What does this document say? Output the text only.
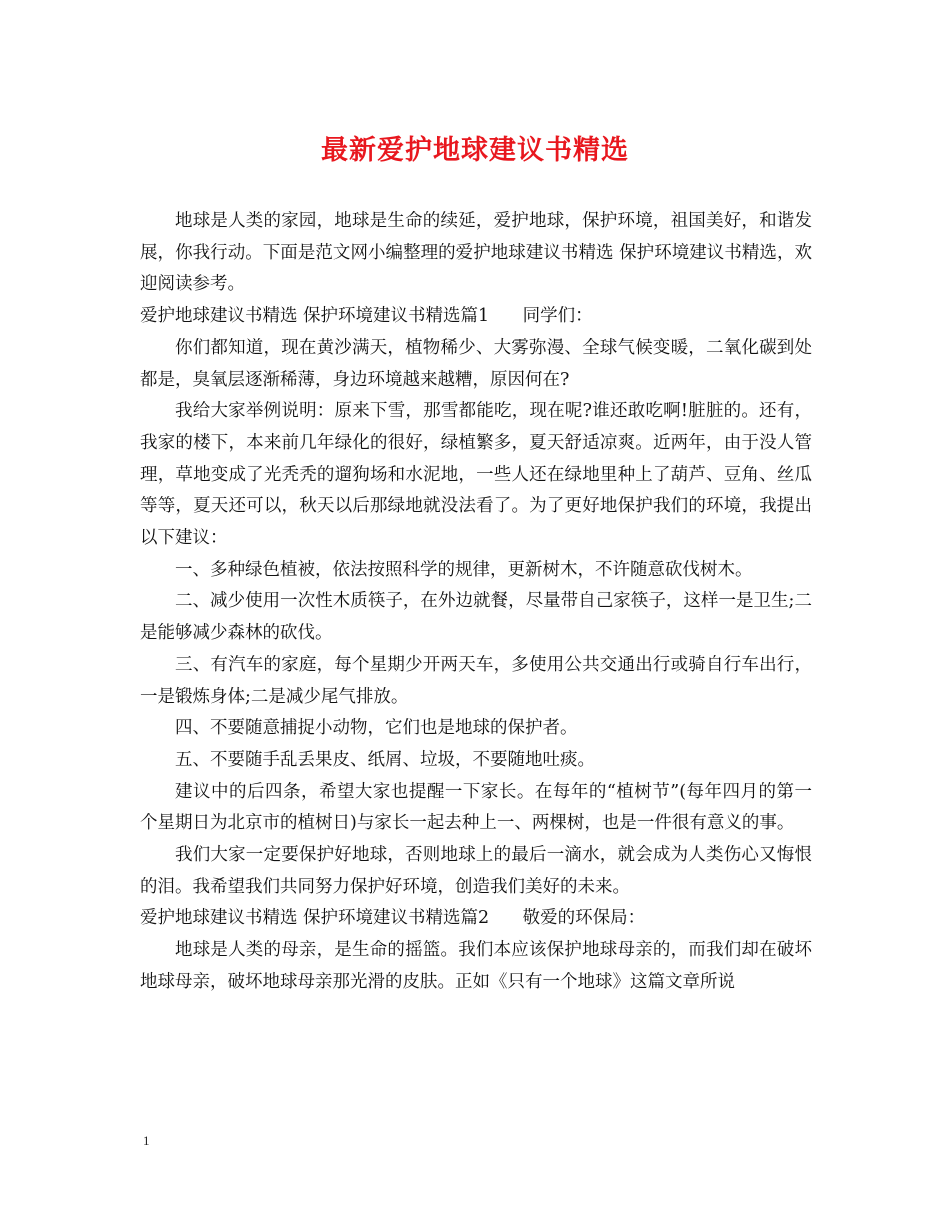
最新爱护地球建议书精选

地球是人类的家园，地球是生命的续延，爱护地球，保护环境，祖国美好，和谐发展，你我行动。下面是范文网小编整理的爱护地球建议书精选 保护环境建议书精选，欢迎阅读参考。

爱护地球建议书精选 保护环境建议书精选篇1      同学们：

你们都知道，现在黄沙满天，植物稀少、大雾弥漫、全球气候变暖，二氧化碳到处都是，臭氧层逐渐稀薄，身边环境越来越糟，原因何在?

我给大家举例说明：原来下雪，那雪都能吃，现在呢?谁还敢吃啊!脏脏的。还有，我家的楼下，本来前几年绿化的很好，绿植繁多，夏天舒适凉爽。近两年，由于没人管理，草地变成了光秃秃的遛狗场和水泥地，一些人还在绿地里种上了葫芦、豆角、丝瓜等等，夏天还可以，秋天以后那绿地就没法看了。为了更好地保护我们的环境，我提出以下建议：

一、多种绿色植被，依法按照科学的规律，更新树木，不许随意砍伐树木。

二、减少使用一次性木质筷子，在外边就餐，尽量带自己家筷子，这样一是卫生;二是能够减少森林的砍伐。

三、有汽车的家庭，每个星期少开两天车，多使用公共交通出行或骑自行车出行，一是锻炼身体;二是减少尾气排放。

四、不要随意捕捉小动物，它们也是地球的保护者。

五、不要随手乱丢果皮、纸屑、垃圾，不要随地吐痰。

建议中的后四条，希望大家也提醒一下家长。在每年的“植树节”(每年四月的第一个星期日为北京市的植树日)与家长一起去种上一、两棵树，也是一件很有意义的事。

我们大家一定要保护好地球，否则地球上的最后一滴水，就会成为人类伤心又悔恨的泪。我希望我们共同努力保护好环境，创造我们美好的未来。

爱护地球建议书精选 保护环境建议书精选篇2      敬爱的环保局：

地球是人类的母亲，是生命的摇篮。我们本应该保护地球母亲的，而我们却在破坏地球母亲，破坏地球母亲那光滑的皮肤。正如《只有一个地球》这篇文章所说

1
